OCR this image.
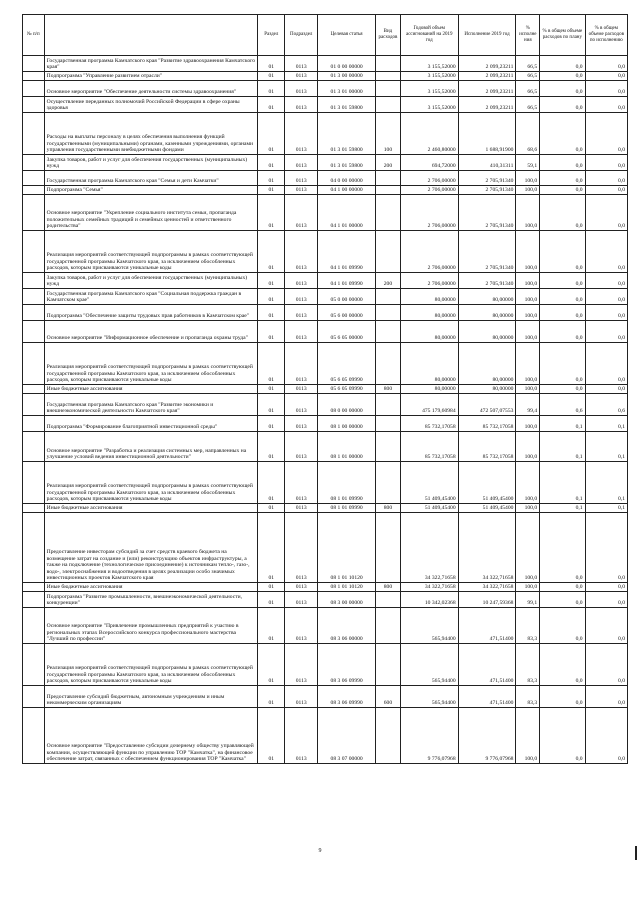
№ п/п		Раздел	Подраздел	Целевая статья	Вид расходов	Годовой объем ассигнований на 2019 год	Исполнение 2019 год	% исполне ния	% в общем объеме расходов по плану	% в общем объеме расходов по исполнению
	Государственная программа Камчатского края "Развитие здравоохранения Камчатского края"	01	0113	01 0 00 00000		3 155,52000	2 099,23211	66,5	0,0	0,0
	Подпрограмма "Управление развитием отрасли"	01	0113	01 3 00 00000		3 155,52000	2 099,23211	66,5	0,0	0,0
	Основное мероприятие "Обеспечение деятельности системы здравоохранения"	01	0113	01 3 01 00000		3 155,52000	2 099,23211	66,5	0,0	0,0
	Осуществление переданных полномочий Российской Федерации в сфере охраны здоровья	01	0113	01 3 01 59800		3 155,52000	2 099,23211	66,5	0,0	0,0
	Расходы на выплаты персоналу в целях обеспечения выполнения функций государственными (муниципальными) органами, казенными учреждениями, органами управления государственными внебюджетными фондами	01	0113	01 3 01 59800	100	2 460,80000	1 688,91900	68,6	0,0	0,0
	Закупка товаров, работ и услуг для обеспечения государственных (муниципальных) нужд	01	0113	01 3 01 59800	200	694,72000	410,31311	59,1	0,0	0,0
	Государственная программа Камчатского края "Семья и дети Камчатки"	01	0113	04 0 00 00000		2 706,00000	2 705,91340	100,0	0,0	0,0
	Подпрограмма "Семья"	01	0113	04 1 00 00000		2 706,00000	2 705,91340	100,0	0,0	0,0
	Основное мероприятие "Укрепление социального института семьи, пропаганда положительных семейных традиций и семейных ценностей и ответственного родительства"	01	0113	04 1 01 00000		2 706,00000	2 705,91340	100,0	0,0	0,0
	Реализация мероприятий соответствующей подпрограммы в рамках соответствующей государственной программы Камчатского края, за исключением обособленных расходов, которым присваиваются уникальные коды	01	0113	04 1 01 09990		2 706,00000	2 705,91340	100,0	0,0	0,0
	Закупка товаров, работ и услуг для обеспечения государственных (муниципальных) нужд	01	0113	04 1 01 09990	200	2 706,00000	2 705,91340	100,0	0,0	0,0
	Государственная программа Камчатского края "Социальная поддержка граждан в Камчатском крае"	01	0113	05 0 00 00000		80,00000	80,00000	100,0	0,0	0,0
	Подпрограмма "Обеспечение защиты трудовых прав работников в Камчатском крае"	01	0113	05 6 00 00000		80,00000	80,00000	100,0	0,0	0,0
	Основное мероприятие "Информационное обеспечение и пропаганда охраны труда"	01	0113	05 6 05 00000		80,00000	80,00000	100,0	0,0	0,0
	Реализация мероприятий соответствующей подпрограммы в рамках соответствующей государственной программы Камчатского края, за исключением обособленных расходов, которым присваиваются уникальные коды	01	0113	05 6 05 09990		80,00000	80,00000	100,0	0,0	0,0
	Иные бюджетные ассигнования	01	0113	05 6 05 09990	800	80,00000	80,00000	100,0	0,0	0,0
	Государственная программа Камчатского края "Развитие экономики и внешнеэкономической деятельности Камчатского края"	01	0113	08 0 00 00000		475 179,60984	472 507,07553	99,4	0,6	0,6
	Подпрограмма "Формирование благоприятной инвестиционной среды"	01	0113	08 1 00 00000		85 732,17058	85 732,17058	100,0	0,1	0,1
	Основное мероприятие "Разработка и реализация системных мер, направленных на улучшение условий ведения инвестиционной деятельности"	01	0113	08 1 01 00000		85 732,17058	85 732,17058	100,0	0,1	0,1
	Реализация мероприятий соответствующей подпрограммы в рамках соответствующей государственной программы Камчатского края, за исключением обособленных расходов, которым присваиваются уникальные коды	01	0113	08 1 01 09990		51 409,45400	51 409,45400	100,0	0,1	0,1
	Иные бюджетные ассигнования	01	0113	08 1 01 09990	800	51 409,45400	51 409,45400	100,0	0,1	0,1
	Предоставление инвесторам субсидий за счет средств краевого бюджета на возмещение затрат на создание и (или) реконструкцию объектов инфраструктуры, а также на подключение (технологическое присоединение) к источникам тепло-, газо-, водо-, электроснабжения и водоотведения в целях реализации особо значимых инвестиционных проектов Камчатского края	01	0113	08 1 01 10120		34 322,71658	34 322,71658	100,0	0,0	0,0
	Иные бюджетные ассигнования	01	0113	08 1 01 10120	800	34 322,71658	34 322,71658	100,0	0,0	0,0
	Подпрограмма "Развитие промышленности, внешнеэкономической деятельности, конкуренции"	01	0113	08 3 00 00000		10 342,02368	10 247,59368	99,1	0,0	0,0
	Основное мероприятие "Привлечение промышленных предприятий к участию в региональных этапах Всероссийского конкурса профессионального мастерства "Лучший по профессии"	01	0113	08 3 06 00000		565,94400	471,51400	83,3	0,0	0,0
	Реализация мероприятий соответствующей подпрограммы в рамках соответствующей государственной программы Камчатского края, за исключением обособленных расходов, которым присваиваются уникальные коды	01	0113	08 3 06 09990		565,94400	471,51400	83,3	0,0	0,0
	Предоставление субсидий бюджетным, автономным учреждениям и иным некоммерческим организациям	01	0113	08 3 06 09990	600	565,94400	471,51400	83,3	0,0	0,0
	Основное мероприятие "Предоставление субсидии дочернему обществу управляющей компании, осуществляющей функции по управлению ТОР "Камчатка", на финансовое обеспечение затрат, связанных с обеспечением функционирования ТОР "Камчатка"	01	0113	08 3 07 00000		9 776,07968	9 776,07968	100,0	0,0	0,0
9
